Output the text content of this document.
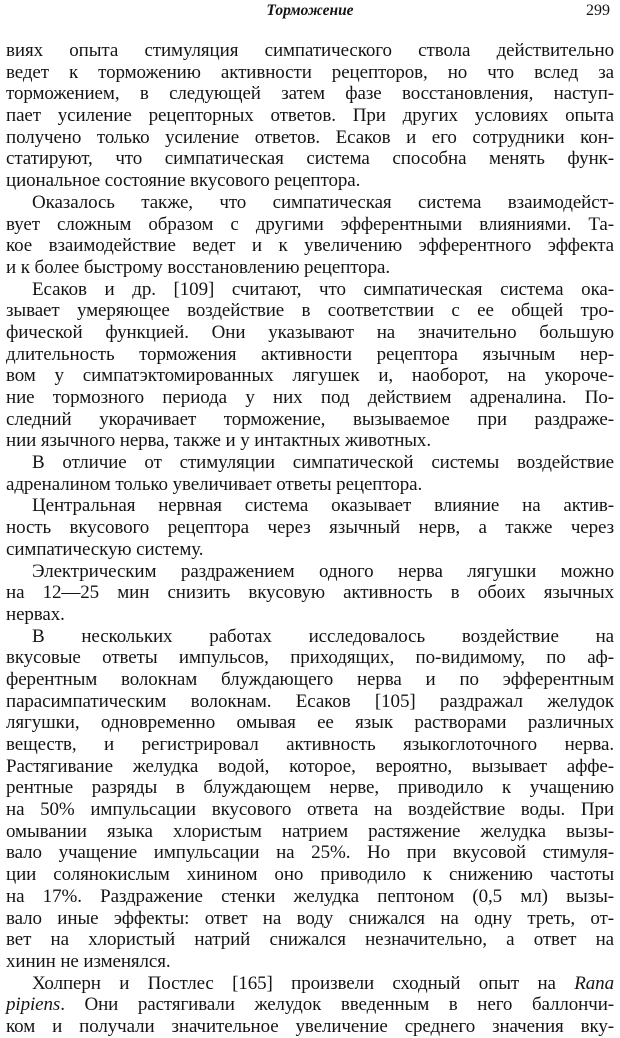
Торможение	299
виях опыта стимуляция симпатического ствола действительно
ведет к торможению активности рецепторов, но что вслед за
торможением, в следующей затем фазе восстановления, наступ-
пает усиление рецепторных ответов. При других условиях опыта
получено только усиление ответов. Есаков и его сотрудники кон-
статируют, что симпатическая система способна менять функ-
циональное состояние вкусового рецептора.
Оказалось также, что симпатическая система взаимодейст-
вует сложным образом с другими эфферентными влияниями. Та-
кое взаимодействие ведет и к увеличению эфферентного эффекта
и к более быстрому восстановлению рецептора.
Есаков и др. [109] считают, что симпатическая система ока-
зывает умеряющее воздействие в соответствии с ее общей тро-
фической функцией. Они указывают на значительно большую
длительность торможения активности рецептора язычным нер-
вом у симпатэктомированных лягушек и, наоборот, на укороче-
ние тормозного периода у них под действием адреналина. По-
следний укорачивает торможение, вызываемое при раздраже-
нии язычного нерва, также и у интактных животных.
В отличие от стимуляции симпатической системы воздействие
адреналином только увеличивает ответы рецептора.
Центральная нервная система оказывает влияние на актив-
ность вкусового рецептора через язычный нерв, а также через
симпатическую систему.
Электрическим раздражением одного нерва лягушки можно
на 12—25 мин снизить вкусовую активность в обоих язычных
нервах.
В нескольких работах исследовалось воздействие на
вкусовые ответы импульсов, приходящих, по-видимому, по аф-
ферентным волокнам блуждающего нерва и по эфферентным
парасимпатическим волокнам. Есаков [105] раздражал желудок
лягушки, одновременно омывая ее язык растворами различных
веществ, и регистрировал активность языкоглоточного нерва.
Растягивание желудка водой, которое, вероятно, вызывает аффе-
рентные разряды в блуждающем нерве, приводило к учащению
на 50% импульсации вкусового ответа на воздействие воды. При
омывании языка хлористым натрием растяжение желудка вызы-
вало учащение импульсации на 25%. Но при вкусовой стимуля-
ции солянокислым хинином оно приводило к снижению частоты
на 17%. Раздражение стенки желудка пептоном (0,5 мл) вызы-
вало иные эффекты: ответ на воду снижался на одну треть, от-
вет на хлористый натрий снижался незначительно, а ответ на
хинин не изменялся.
Холперн и Постлес [165] произвели сходный опыт на Rana
pipiens. Они растягивали желудок введенным в него баллончи-
ком и получали значительное увеличение среднего значения вку-
